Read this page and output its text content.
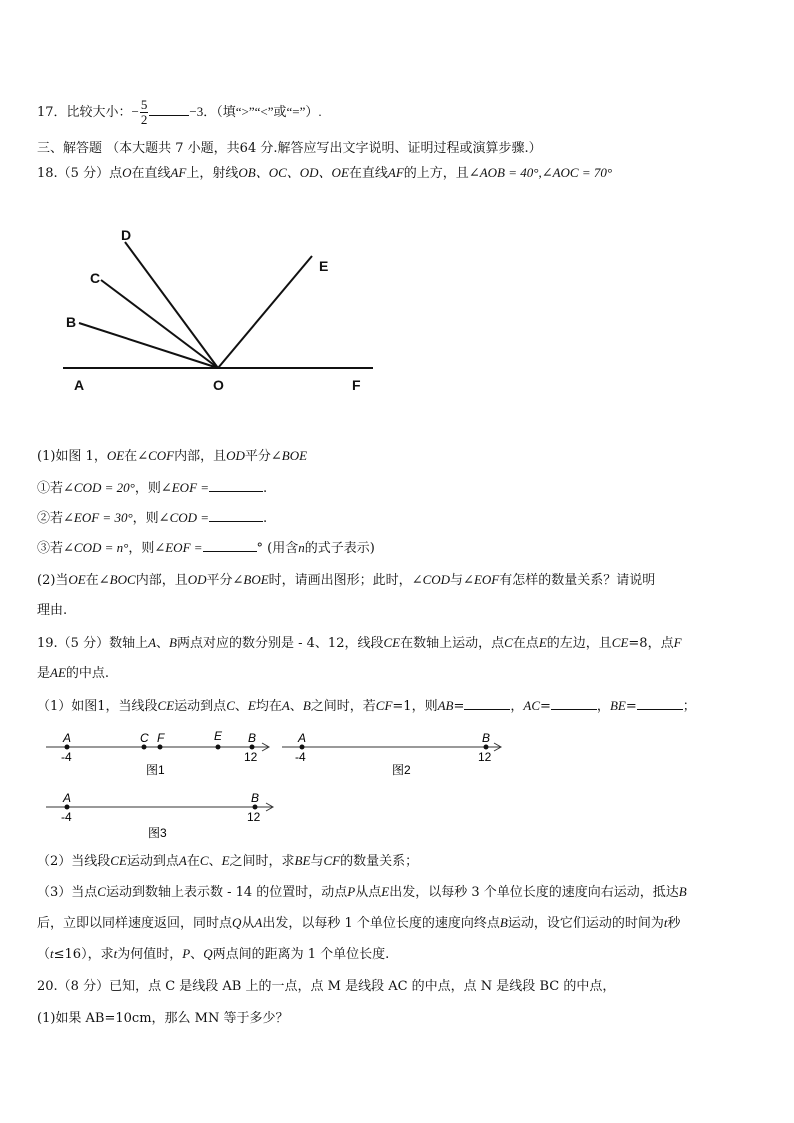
17．比较大小：− $\frac{5}{2}$	−3．（填“>”“<”或“=”）.
三、解答题 （本大题共 7 小题，共64 分.解答应写出文字说明、证明过程或演算步骤.）
18.（5 分）点O在直线AF上，射线OB、OC、OD、OE在直线AF的上方，且∠AOB = 40°,∠AOC = 70°
A	O	F
B
C
D
E
(1)如图 1，OE在∠COF内部，且OD平分∠BOE
①若∠COD = 20°，则∠EOF =	.
②若∠EOF = 30°，则∠COD =	.
③若∠COD = n°，则∠EOF =	° (用含n的式子表示)
(2)当OE在∠BOC内部，且OD平分∠BOE时，请画出图形；此时，∠COD与∠EOF有怎样的数量关系？请说明
理由.
19.（5 分）数轴上A、B两点对应的数分别是 - 4、12，线段CE在数轴上运动，点C在点E的左边，且CE=8，点F
是AE的中点.
（1）如图1，当线段CE运动到点C、E均在A、B之间时，若CF=1，则AB=	，AC=	，BE=	；
A	C F	E B
-4	12
图1
A	B
-4	12
图2
A	B
-4	12
图3
（2）当线段CE运动到点A在C、E之间时，求BE与CF的数量关系；
（3）当点C运动到数轴上表示数 - 14 的位置时，动点P从点E出发，以每秒 3 个单位长度的速度向右运动，抵达B
后，立即以同样速度返回，同时点Q从A出发，以每秒 1 个单位长度的速度向终点B运动，设它们运动的时间为t秒
（t≤16），求t为何值时，P、Q两点间的距离为 1 个单位长度.
20.（8 分）已知，点 C 是线段 AB 上的一点，点 M 是线段 AC 的中点，点 N 是线段 BC 的中点，
(1)如果 AB=10cm，那么 MN 等于多少？
